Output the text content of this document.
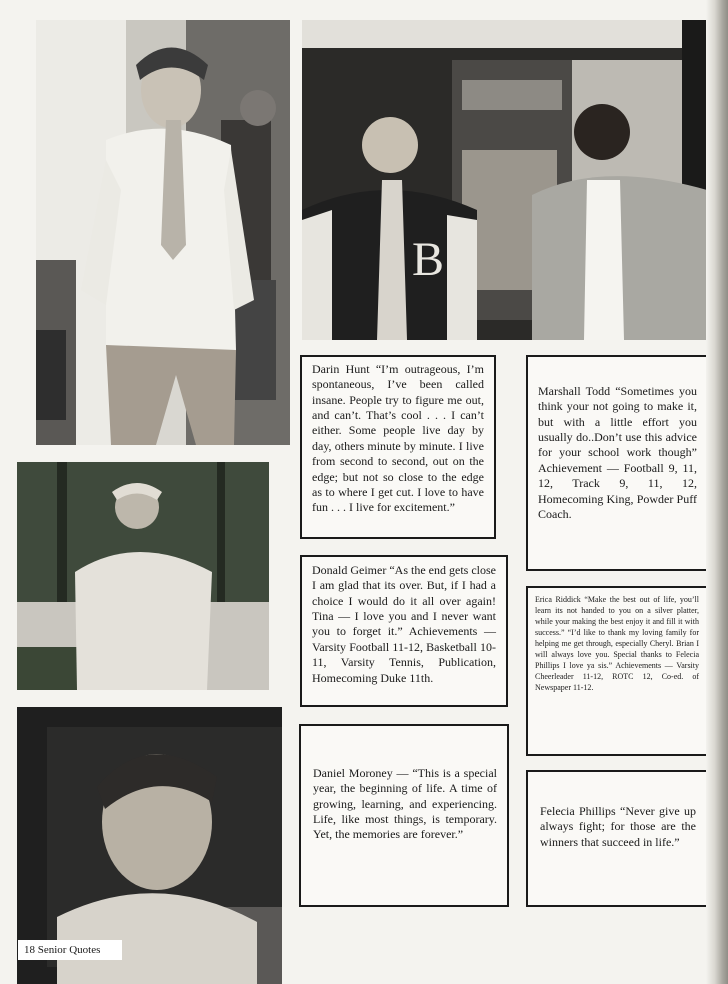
B

Darin Hunt “I’m outrageous, I’m spontaneous, I’ve been called insane. People try to figure me out, and can’t. That’s cool . . . I can’t either. Some people live day by day, others minute by minute. I live from second to second, out on the edge; but not so close to the edge as to where I get cut. I love to have fun . . . I live for excitement.”

Donald Geimer “As the end gets close I am glad that its over. But, if I had a choice I would do it all over again! Tina — I love you and I never want you to forget it.” Achievements — Varsity Football 11-12, Basketball 10-11, Varsity Tennis, Publication, Homecoming Duke 11th.

Daniel Moroney — “This is a special year, the beginning of life. A time of growing, learning, and experiencing. Life, like most things, is temporary. Yet, the memories are forever.”

Marshall Todd “Sometimes you think your not going to make it, but with a little effort you usually do..Don’t use this advice for your school work though” Achievement — Football 9, 11, 12, Track 9, 11, 12, Homecoming King, Powder Puff Coach.

Erica Riddick “Make the best out of life, you’ll learn its not handed to you on a silver platter, while your making the best enjoy it and fill it with success.” “I’d like to thank my loving family for helping me get through, especially Cheryl. Brian I will always love you. Special thanks to Felecia Phillips I love ya sis.” Achievements — Varsity Cheerleader 11-12, ROTC 12, Co-ed. of Newspaper 11-12.

Felecia Phillips “Never give up always fight; for those are the winners that succeed in life.”

18 Senior Quotes
